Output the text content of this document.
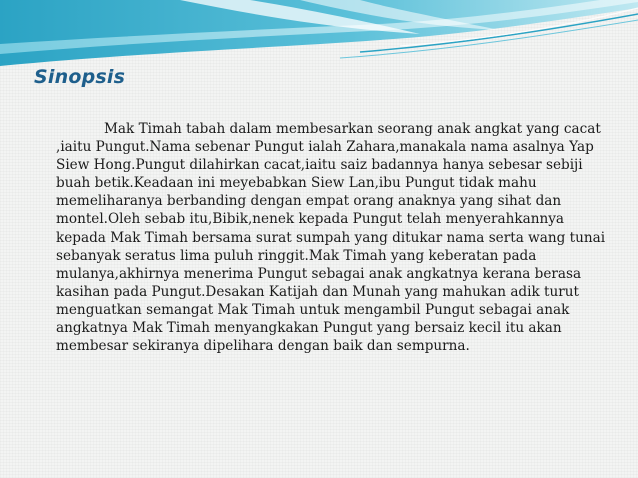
Sinopsis

Mak Timah tabah dalam membesarkan seorang anak angkat yang cacat
,iaitu Pungut.Nama sebenar Pungut ialah Zahara,manakala nama asalnya Yap
Siew Hong.Pungut dilahirkan cacat,iaitu saiz badannya hanya sebesar sebiji
buah betik.Keadaan ini meyebabkan Siew Lan,ibu Pungut tidak mahu
memeliharanya berbanding dengan empat orang anaknya yang sihat dan
montel.Oleh sebab itu,Bibik,nenek kepada Pungut telah menyerahkannya
kepada Mak Timah bersama surat sumpah yang ditukar nama serta wang tunai
sebanyak seratus lima puluh ringgit.Mak Timah yang keberatan pada
mulanya,akhirnya menerima Pungut sebagai anak angkatnya kerana berasa
kasihan pada Pungut.Desakan Katijah dan Munah yang mahukan adik turut
menguatkan semangat Mak Timah untuk mengambil Pungut sebagai anak
angkatnya Mak Timah menyangkakan Pungut yang bersaiz kecil itu akan
membesar sekiranya dipelihara dengan baik dan sempurna.
